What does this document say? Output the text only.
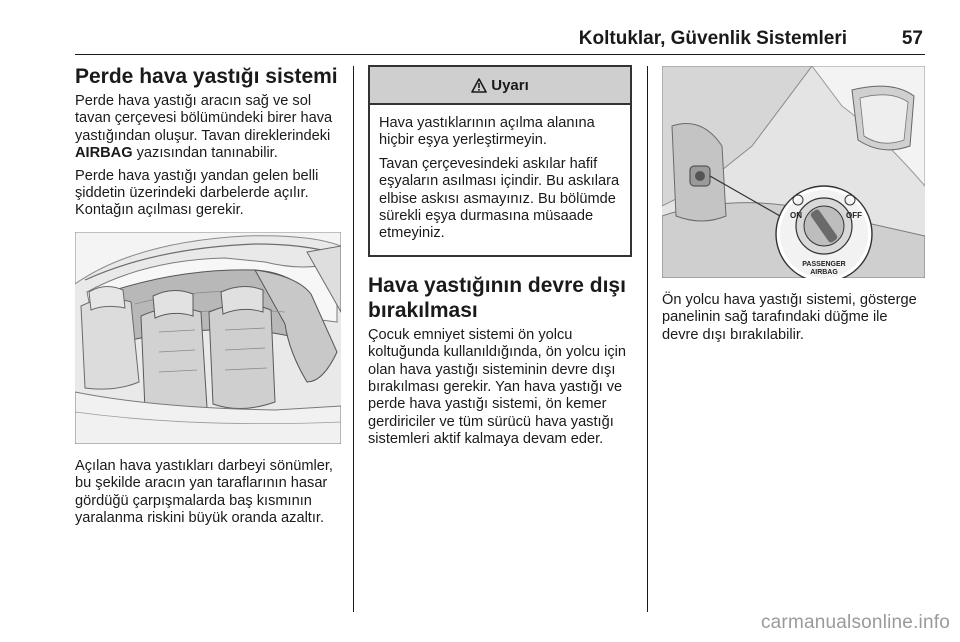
Koltuklar, Güvenlik Sistemleri	57
Perde hava yastığı sistemi

Perde hava yastığı aracın sağ ve sol tavan çerçevesi bölümündeki birer hava yastığından oluşur. Tavan direklerindeki AIRBAG yazısından tanınabilir.

Perde hava yastığı yandan gelen belli şiddetin üzerindeki darbelerde açılır. Kontağın açılması gerekir.

Açılan hava yastıkları darbeyi sönümler, bu şekilde aracın yan taraflarının hasar gördüğü çarpışmalarda baş kısmının yaralanma riskini büyük oranda azaltır.

Uyarı

Hava yastıklarının açılma alanına hiçbir eşya yerleştirmeyin.

Tavan çerçevesindeki askılar hafif eşyaların asılması içindir. Bu askılara elbise askısı asmayınız. Bu bölümde sürekli eşya durmasına müsaade etmeyiniz.

Hava yastığının devre dışı bırakılması

Çocuk emniyet sistemi ön yolcu koltuğunda kullanıldığında, ön yolcu için olan hava yastığı sisteminin devre dışı bırakılması gerekir. Yan hava yastığı ve perde hava yastığı sistemi, ön kemer gerdiriciler ve tüm sürücü hava yastığı sistemleri aktif kalmaya devam eder.

ON	OFF
PASSENGER
AIRBAG

Ön yolcu hava yastığı sistemi, gösterge panelinin sağ tarafındaki düğme ile devre dışı bırakılabilir.

carmanualsonline.info
